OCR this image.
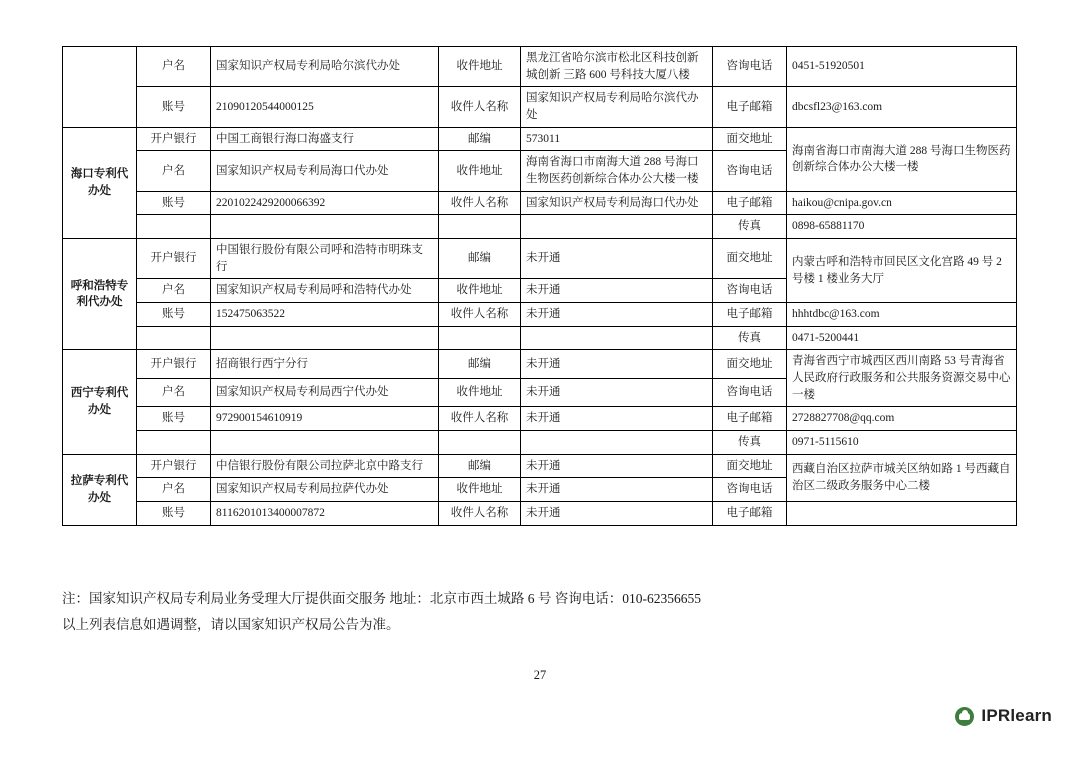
	户名	国家知识产权局专利局哈尔滨代办处	收件地址	黑龙江省哈尔滨市松北区科技创新城创新 三路 600 号科技大厦八楼	咨询电话	0451-51920501
	账号	21090120544000125	收件人名称	国家知识产权局专利局哈尔滨代办处	电子邮箱	dbcsfl23@163.com
海口专利代办处	开户银行	中国工商银行海口海盛支行	邮编	573011	面交地址	海南省海口市南海大道 288 号海口生物医药创新综合体办公大楼一楼
	户名	国家知识产权局专利局海口代办处	收件地址	海南省海口市南海大道 288 号海口生物医药创新综合体办公大楼一楼	咨询电话	
	账号	2201022429200066392	收件人名称	国家知识产权局专利局海口代办处	电子邮箱	haikou@cnipa.gov.cn
					传真	0898-65881170
呼和浩特专利代办处	开户银行	中国银行股份有限公司呼和浩特市明珠支行	邮编	未开通	面交地址	内蒙古呼和浩特市回民区文化宫路 49 号 2 号楼 1 楼业务大厅
	户名	国家知识产权局专利局呼和浩特代办处	收件地址	未开通	咨询电话	
	账号	152475063522	收件人名称	未开通	电子邮箱	hhhtdbc@163.com
					传真	0471-5200441
西宁专利代办处	开户银行	招商银行西宁分行	邮编	未开通	面交地址	青海省西宁市城西区西川南路 53 号青海省人民政府行政服务和公共服务资源交易中心一楼
	户名	国家知识产权局专利局西宁代办处	收件地址	未开通	咨询电话	
	账号	972900154610919	收件人名称	未开通	电子邮箱	2728827708@qq.com
					传真	0971-5115610
拉萨专利代办处	开户银行	中信银行股份有限公司拉萨北京中路支行	邮编	未开通	面交地址	西藏自治区拉萨市城关区纳如路 1 号西藏自治区二级政务服务中心二楼
	户名	国家知识产权局专利局拉萨代办处	收件地址	未开通	咨询电话	
	账号	8116201013400007872	收件人名称	未开通	电子邮箱	
注：国家知识产权局专利局业务受理大厅提供面交服务 地址：北京市西土城路 6 号 咨询电话：010-62356655
以上列表信息如遇调整，请以国家知识产权局公告为准。
27
IPRlearn
